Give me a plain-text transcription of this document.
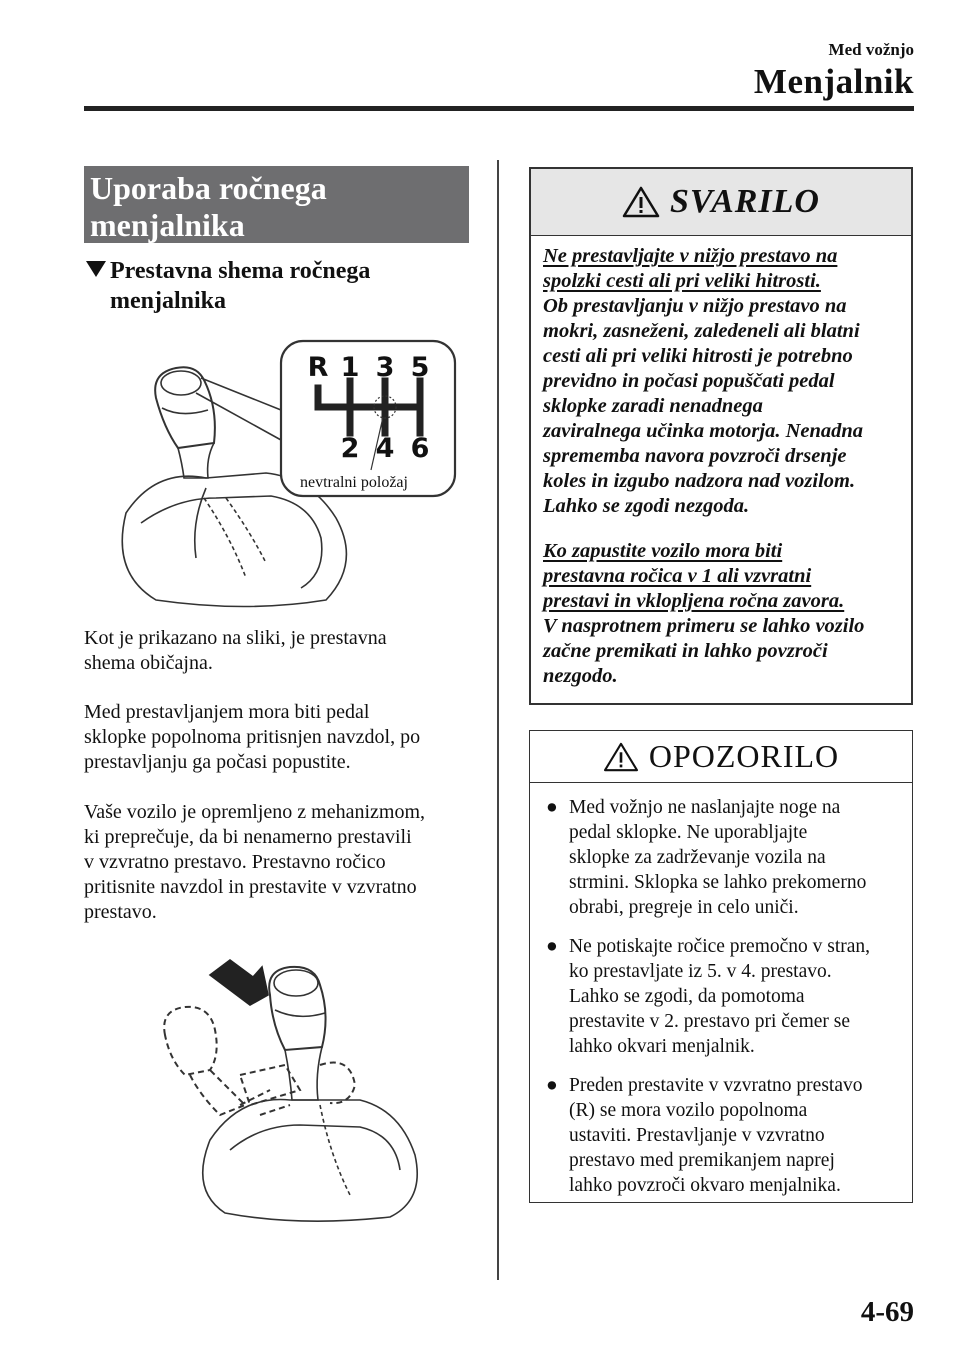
Med vožnjo
Menjalnik
Uporaba ročnega
menjalnika
Prestavna shema ročnega
menjalnika
R 1 3 5
2 4 6
nevtralni položaj
Kot je prikazano na sliki, je prestavna
shema običajna.
Med prestavljanjem mora biti pedal
sklopke popolnoma pritisnjen navzdol, po
prestavljanju ga počasi popustite.
Vaše vozilo je opremljeno z mehanizmom,
ki preprečuje, da bi nenamerno prestavili
v vzvratno prestavo. Prestavno ročico
pritisnite navzdol in prestavite v vzvratno
prestavo.
SVARILO

Ne prestavljajte v nižjo prestavo na
spolzki cesti ali pri veliki hitrosti.
Ob prestavljanju v nižjo prestavo na
mokri, zasneženi, zaledeneli ali blatni
cesti ali pri veliki hitrosti je potrebno
previdno in počasi popuščati pedal
sklopke zaradi nenadnega
zaviralnega učinka motorja. Nenadna
sprememba navora povzroči drsenje
koles in izgubo nadzora nad vozilom.
Lahko se zgodi nezgoda.

Ko zapustite vozilo mora biti
prestavna ročica v 1 ali vzvratni
prestavi in vklopljena ročna zavora.
V nasprotnem primeru se lahko vozilo
začne premikati in lahko povzroči
nezgodo.

OPOZORILO
● Med vožnjo ne naslanjajte noge na
pedal sklopke. Ne uporabljajte
sklopke za zadrževanje vozila na
strmini. Sklopka se lahko prekomerno
obrabi, pregreje in celo uniči.
● Ne potiskajte ročice premočno v stran,
ko prestavljate iz 5. v 4. prestavo.
Lahko se zgodi, da pomotoma
prestavite v 2. prestavo pri čemer se
lahko okvari menjalnik.
● Preden prestavite v vzvratno prestavo
(R) se mora vozilo popolnoma
ustaviti. Prestavljanje v vzvratno
prestavo med premikanjem naprej
lahko povzroči okvaro menjalnika.
4-69
